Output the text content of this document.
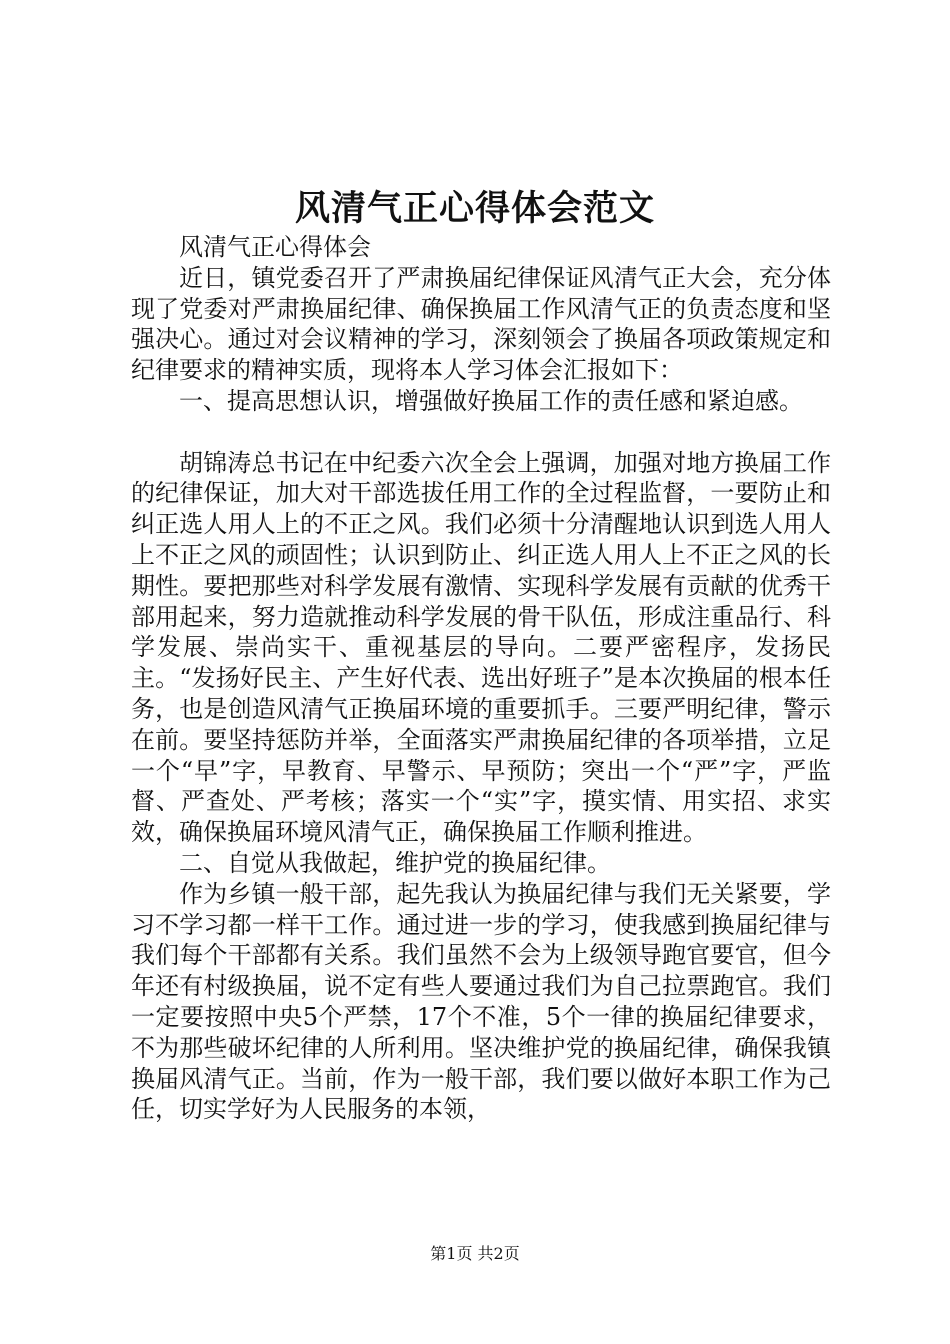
风清气正心得体会范文

风清气正心得体会

近日，镇党委召开了严肃换届纪律保证风清气正大会，充分体现了党委对严肃换届纪律、确保换届工作风清气正的负责态度和坚强决心。通过对会议精神的学习，深刻领会了换届各项政策规定和纪律要求的精神实质，现将本人学习体会汇报如下：

一、提高思想认识，增强做好换届工作的责任感和紧迫感。

胡锦涛总书记在中纪委六次全会上强调，加强对地方换届工作的纪律保证，加大对干部选拔任用工作的全过程监督，一要防止和纠正选人用人上的不正之风。我们必须十分清醒地认识到选人用人上不正之风的顽固性；认识到防止、纠正选人用人上不正之风的长期性。要把那些对科学发展有激情、实现科学发展有贡献的优秀干部用起来，努力造就推动科学发展的骨干队伍，形成注重品行、科学发展、崇尚实干、重视基层的导向。二要严密程序，发扬民主。“发扬好民主、产生好代表、选出好班子”是本次换届的根本任务，也是创造风清气正换届环境的重要抓手。三要严明纪律，警示在前。要坚持惩防并举，全面落实严肃换届纪律的各项举措，立足一个“早”字，早教育、早警示、早预防；突出一个“严”字，严监督、严查处、严考核；落实一个“实”字，摸实情、用实招、求实效，确保换届环境风清气正，确保换届工作顺利推进。

二、自觉从我做起，维护党的换届纪律。

作为乡镇一般干部，起先我认为换届纪律与我们无关紧要，学习不学习都一样干工作。通过进一步的学习，使我感到换届纪律与我们每个干部都有关系。我们虽然不会为上级领导跑官要官，但今年还有村级换届，说不定有些人要通过我们为自己拉票跑官。我们一定要按照中央5个严禁，17个不准，5个一律的换届纪律要求，不为那些破坏纪律的人所利用。坚决维护党的换届纪律，确保我镇换届风清气正。当前，作为一般干部，我们要以做好本职工作为己任，切实学好为人民服务的本领，

第1页 共2页
